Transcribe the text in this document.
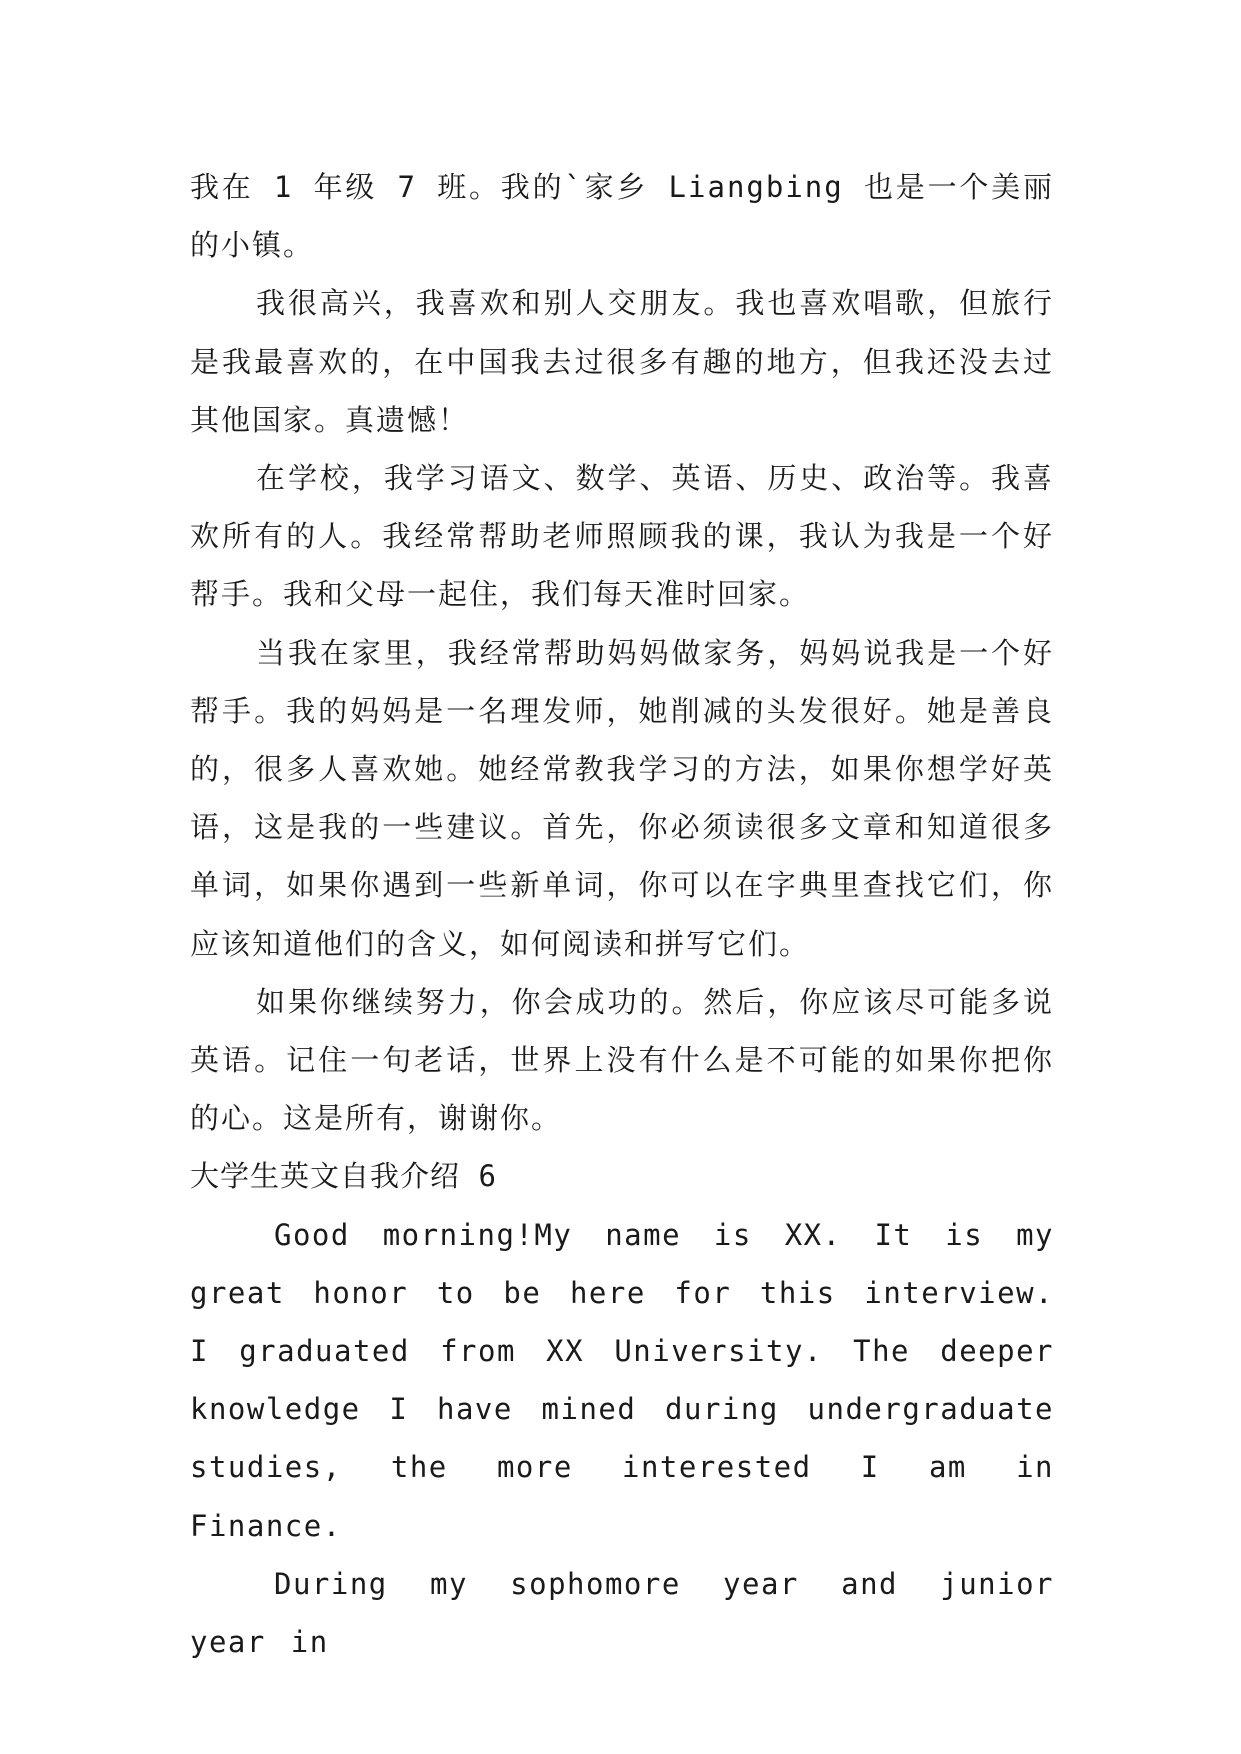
我在 1 年级 7 班。我的`家乡 Liangbing 也是一个美丽的小镇。

我很高兴，我喜欢和别人交朋友。我也喜欢唱歌，但旅行是我最喜欢的，在中国我去过很多有趣的地方，但我还没去过其他国家。真遗憾！

在学校，我学习语文、数学、英语、历史、政治等。我喜欢所有的人。我经常帮助老师照顾我的课，我认为我是一个好帮手。我和父母一起住，我们每天准时回家。

当我在家里，我经常帮助妈妈做家务，妈妈说我是一个好帮手。我的妈妈是一名理发师，她削减的头发很好。她是善良的，很多人喜欢她。她经常教我学习的方法，如果你想学好英语，这是我的一些建议。首先，你必须读很多文章和知道很多单词，如果你遇到一些新单词，你可以在字典里查找它们，你应该知道他们的含义，如何阅读和拼写它们。

如果你继续努力，你会成功的。然后，你应该尽可能多说英语。记住一句老话，世界上没有什么是不可能的如果你把你的心。这是所有，谢谢你。

大学生英文自我介绍 6

Good morning!My name is XX. It is my great honor to be here for this interview. I graduated from XX University. The deeper knowledge I have mined during undergraduate studies, the more interested I am in Finance.

During my sophomore year and junior year in
